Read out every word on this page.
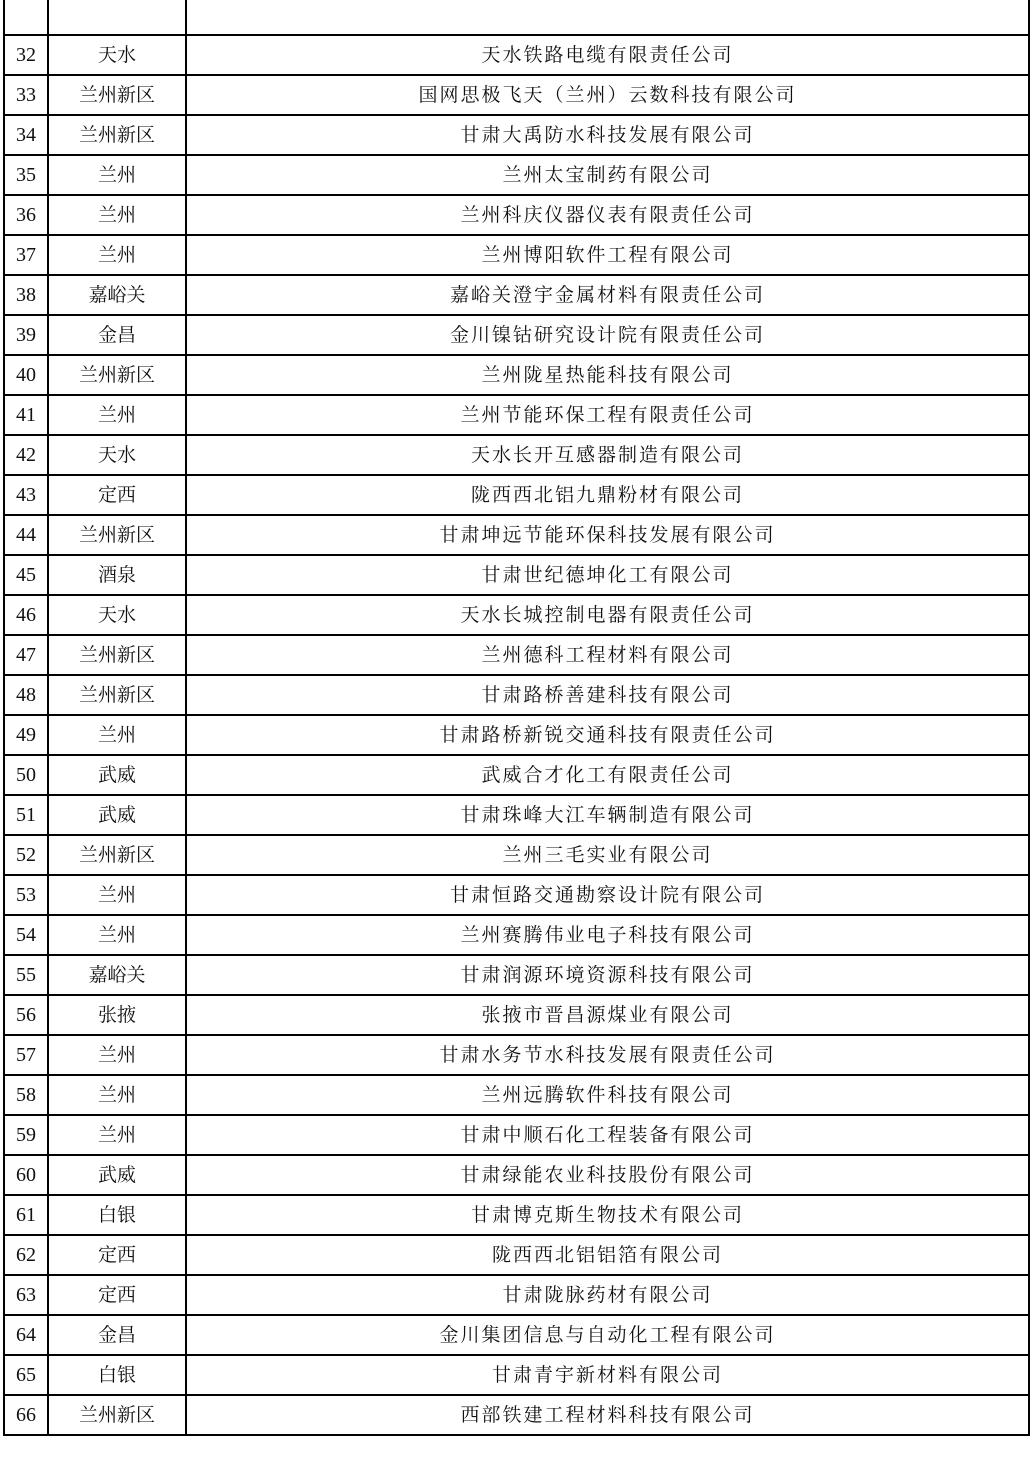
32	天水	天水铁路电缆有限责任公司
33	兰州新区	国网思极飞天（兰州）云数科技有限公司
34	兰州新区	甘肃大禹防水科技发展有限公司
35	兰州	兰州太宝制药有限公司
36	兰州	兰州科庆仪器仪表有限责任公司
37	兰州	兰州博阳软件工程有限公司
38	嘉峪关	嘉峪关澄宇金属材料有限责任公司
39	金昌	金川镍钴研究设计院有限责任公司
40	兰州新区	兰州陇星热能科技有限公司
41	兰州	兰州节能环保工程有限责任公司
42	天水	天水长开互感器制造有限公司
43	定西	陇西西北铝九鼎粉材有限公司
44	兰州新区	甘肃坤远节能环保科技发展有限公司
45	酒泉	甘肃世纪德坤化工有限公司
46	天水	天水长城控制电器有限责任公司
47	兰州新区	兰州德科工程材料有限公司
48	兰州新区	甘肃路桥善建科技有限公司
49	兰州	甘肃路桥新锐交通科技有限责任公司
50	武威	武威合才化工有限责任公司
51	武威	甘肃珠峰大江车辆制造有限公司
52	兰州新区	兰州三毛实业有限公司
53	兰州	甘肃恒路交通勘察设计院有限公司
54	兰州	兰州赛腾伟业电子科技有限公司
55	嘉峪关	甘肃润源环境资源科技有限公司
56	张掖	张掖市晋昌源煤业有限公司
57	兰州	甘肃水务节水科技发展有限责任公司
58	兰州	兰州远腾软件科技有限公司
59	兰州	甘肃中顺石化工程装备有限公司
60	武威	甘肃绿能农业科技股份有限公司
61	白银	甘肃博克斯生物技术有限公司
62	定西	陇西西北铝铝箔有限公司
63	定西	甘肃陇脉药材有限公司
64	金昌	金川集团信息与自动化工程有限公司
65	白银	甘肃青宇新材料有限公司
66	兰州新区	西部铁建工程材料科技有限公司
